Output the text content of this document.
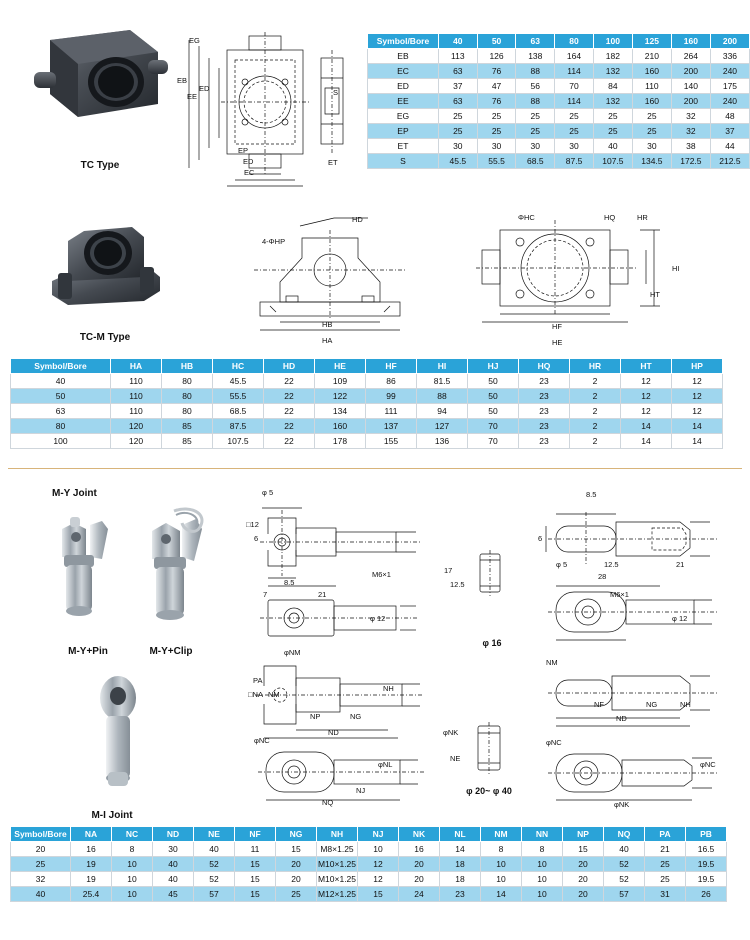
TC Type
EG
EB
EE
ED
EP
ED
EC
S
ET
Symbol/Bore	40	50	63	80	100	125	160	200
EB	113	126	138	164	182	210	264	336
EC	63	76	88	114	132	160	200	240
ED	37	47	56	70	84	110	140	175
EE	63	76	88	114	132	160	200	240
EG	25	25	25	25	25	25	32	48
EP	25	25	25	25	25	25	32	37
ET	30	30	30	30	40	30	38	44
S	45.5	55.5	68.5	87.5	107.5	134.5	172.5	212.5
TC-M Type
HD
4-ΦHP
HB
HA
ΦHC	HQ	HR
HI
HT
HF
HE
Symbol/Bore	HA	HB	HC	HD	HE	HF	HI	HJ	HQ	HR	HT	HP
40	110	80	45.5	22	109	86	81.5	50	23	2	12	12
50	110	80	55.5	22	122	99	88	50	23	2	12	12
63	110	80	68.5	22	134	111	94	50	23	2	12	12
80	120	85	87.5	22	160	137	127	70	23	2	14	14
100	120	85	107.5	22	178	155	136	70	23	2	14	14
M-Y Joint
M-Y+Pin	M-Y+Clip
M-I Joint
φ 5
□12
6
8.5
7	21
M6×1
φ 12
φNM
PA
□NA NM
NP	NG
ND
NH
φNC
φNL
NQ
NJ
17
12.5
φ 16
φNK
NE
φ 20~ φ 40
8.5
6
φ 5	12.5	21
28
M6×1
φ 12
NM
NF	NG
ND
NH
φNC
φNC
φNK
Symbol/Bore	NA	NC	ND	NE	NF	NG	NH	NJ	NK	NL	NM	NN	NP	NQ	PA	PB
20	16	8	30	40	11	15	M8×1.25	10	16	14	8	8	15	40	21	16.5
25	19	10	40	52	15	20	M10×1.25	12	20	18	10	10	20	52	25	19.5
32	19	10	40	52	15	20	M10×1.25	12	20	18	10	10	20	52	25	19.5
40	25.4	10	45	57	15	25	M12×1.25	15	24	23	14	10	20	57	31	26
